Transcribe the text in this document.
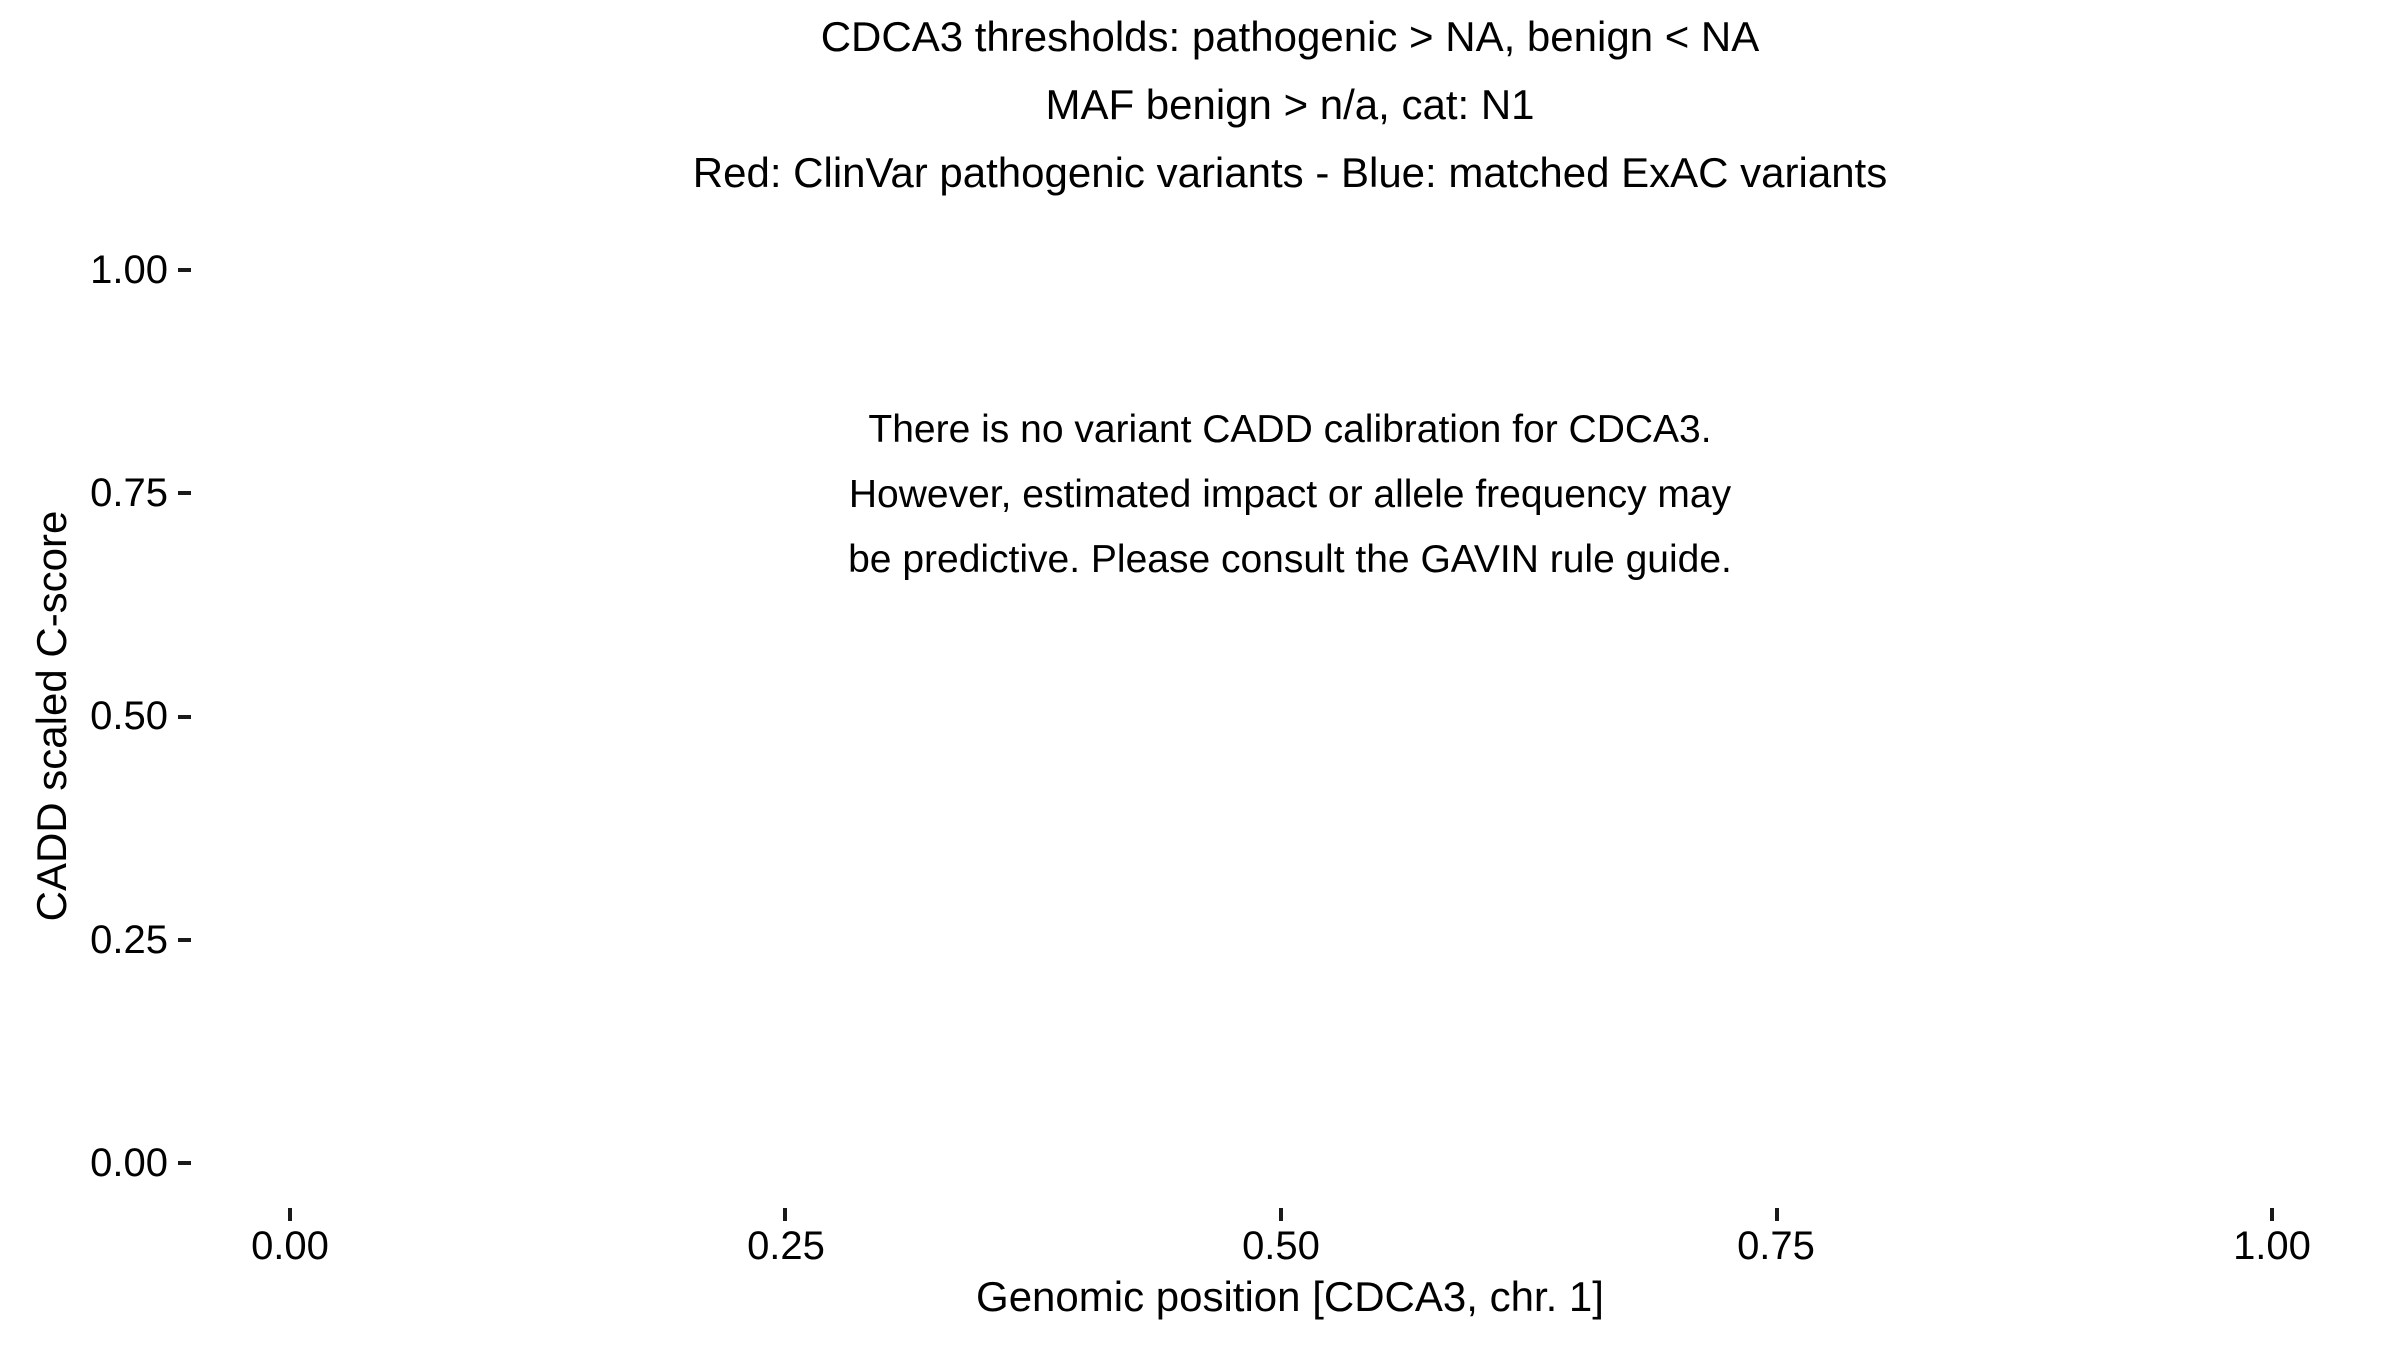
CDCA3 thresholds: pathogenic > NA, benign < NA
MAF benign > n/a, cat: N1
Red: ClinVar pathogenic variants - Blue: matched ExAC variants
There is no variant CADD calibration for CDCA3.
However, estimated impact or allele frequency may
be predictive. Please consult the GAVIN rule guide.
CADD scaled C-score
1.00
0.75
0.50
0.25
0.00
0.00	0.25	0.50	0.75	1.00
Genomic position [CDCA3, chr. 1]
